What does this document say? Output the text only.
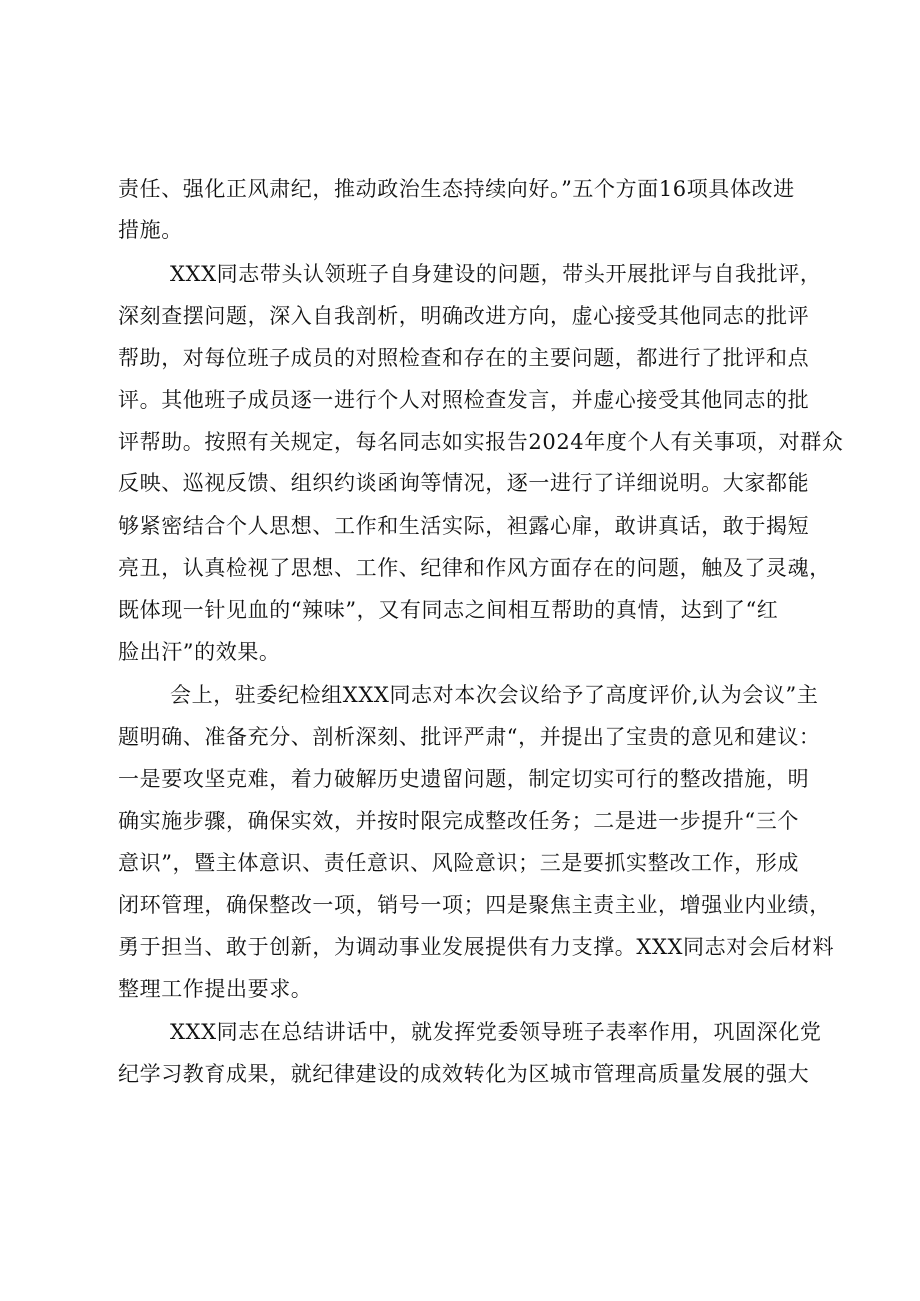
责任、强化正风肃纪，推动政治生态持续向好。”五个方面16项具体改进
措施。
XXX同志带头认领班子自身建设的问题，带头开展批评与自我批评，
深刻查摆问题，深入自我剖析，明确改进方向，虚心接受其他同志的批评
帮助，对每位班子成员的对照检查和存在的主要问题，都进行了批评和点
评。其他班子成员逐一进行个人对照检查发言，并虚心接受其他同志的批
评帮助。按照有关规定，每名同志如实报告2024年度个人有关事项，对群众
反映、巡视反馈、组织约谈函询等情况，逐一进行了详细说明。大家都能
够紧密结合个人思想、工作和生活实际，袒露心扉，敢讲真话，敢于揭短
亮丑，认真检视了思想、工作、纪律和作风方面存在的问题，触及了灵魂，
既体现一针见血的“辣味”，又有同志之间相互帮助的真情，达到了“红
脸出汗”的效果。
会上，驻委纪检组XXX同志对本次会议给予了高度评价,认为会议”主
题明确、准备充分、剖析深刻、批评严肃“，并提出了宝贵的意见和建议：
一是要攻坚克难，着力破解历史遗留问题，制定切实可行的整改措施，明
确实施步骤，确保实效，并按时限完成整改任务；二是进一步提升“三个
意识”，暨主体意识、责任意识、风险意识；三是要抓实整改工作，形成
闭环管理，确保整改一项，销号一项；四是聚焦主责主业，增强业内业绩，
勇于担当、敢于创新，为调动事业发展提供有力支撑。XXX同志对会后材料
整理工作提出要求。
XXX同志在总结讲话中，就发挥党委领导班子表率作用，巩固深化党
纪学习教育成果，就纪律建设的成效转化为区城市管理高质量发展的强大
